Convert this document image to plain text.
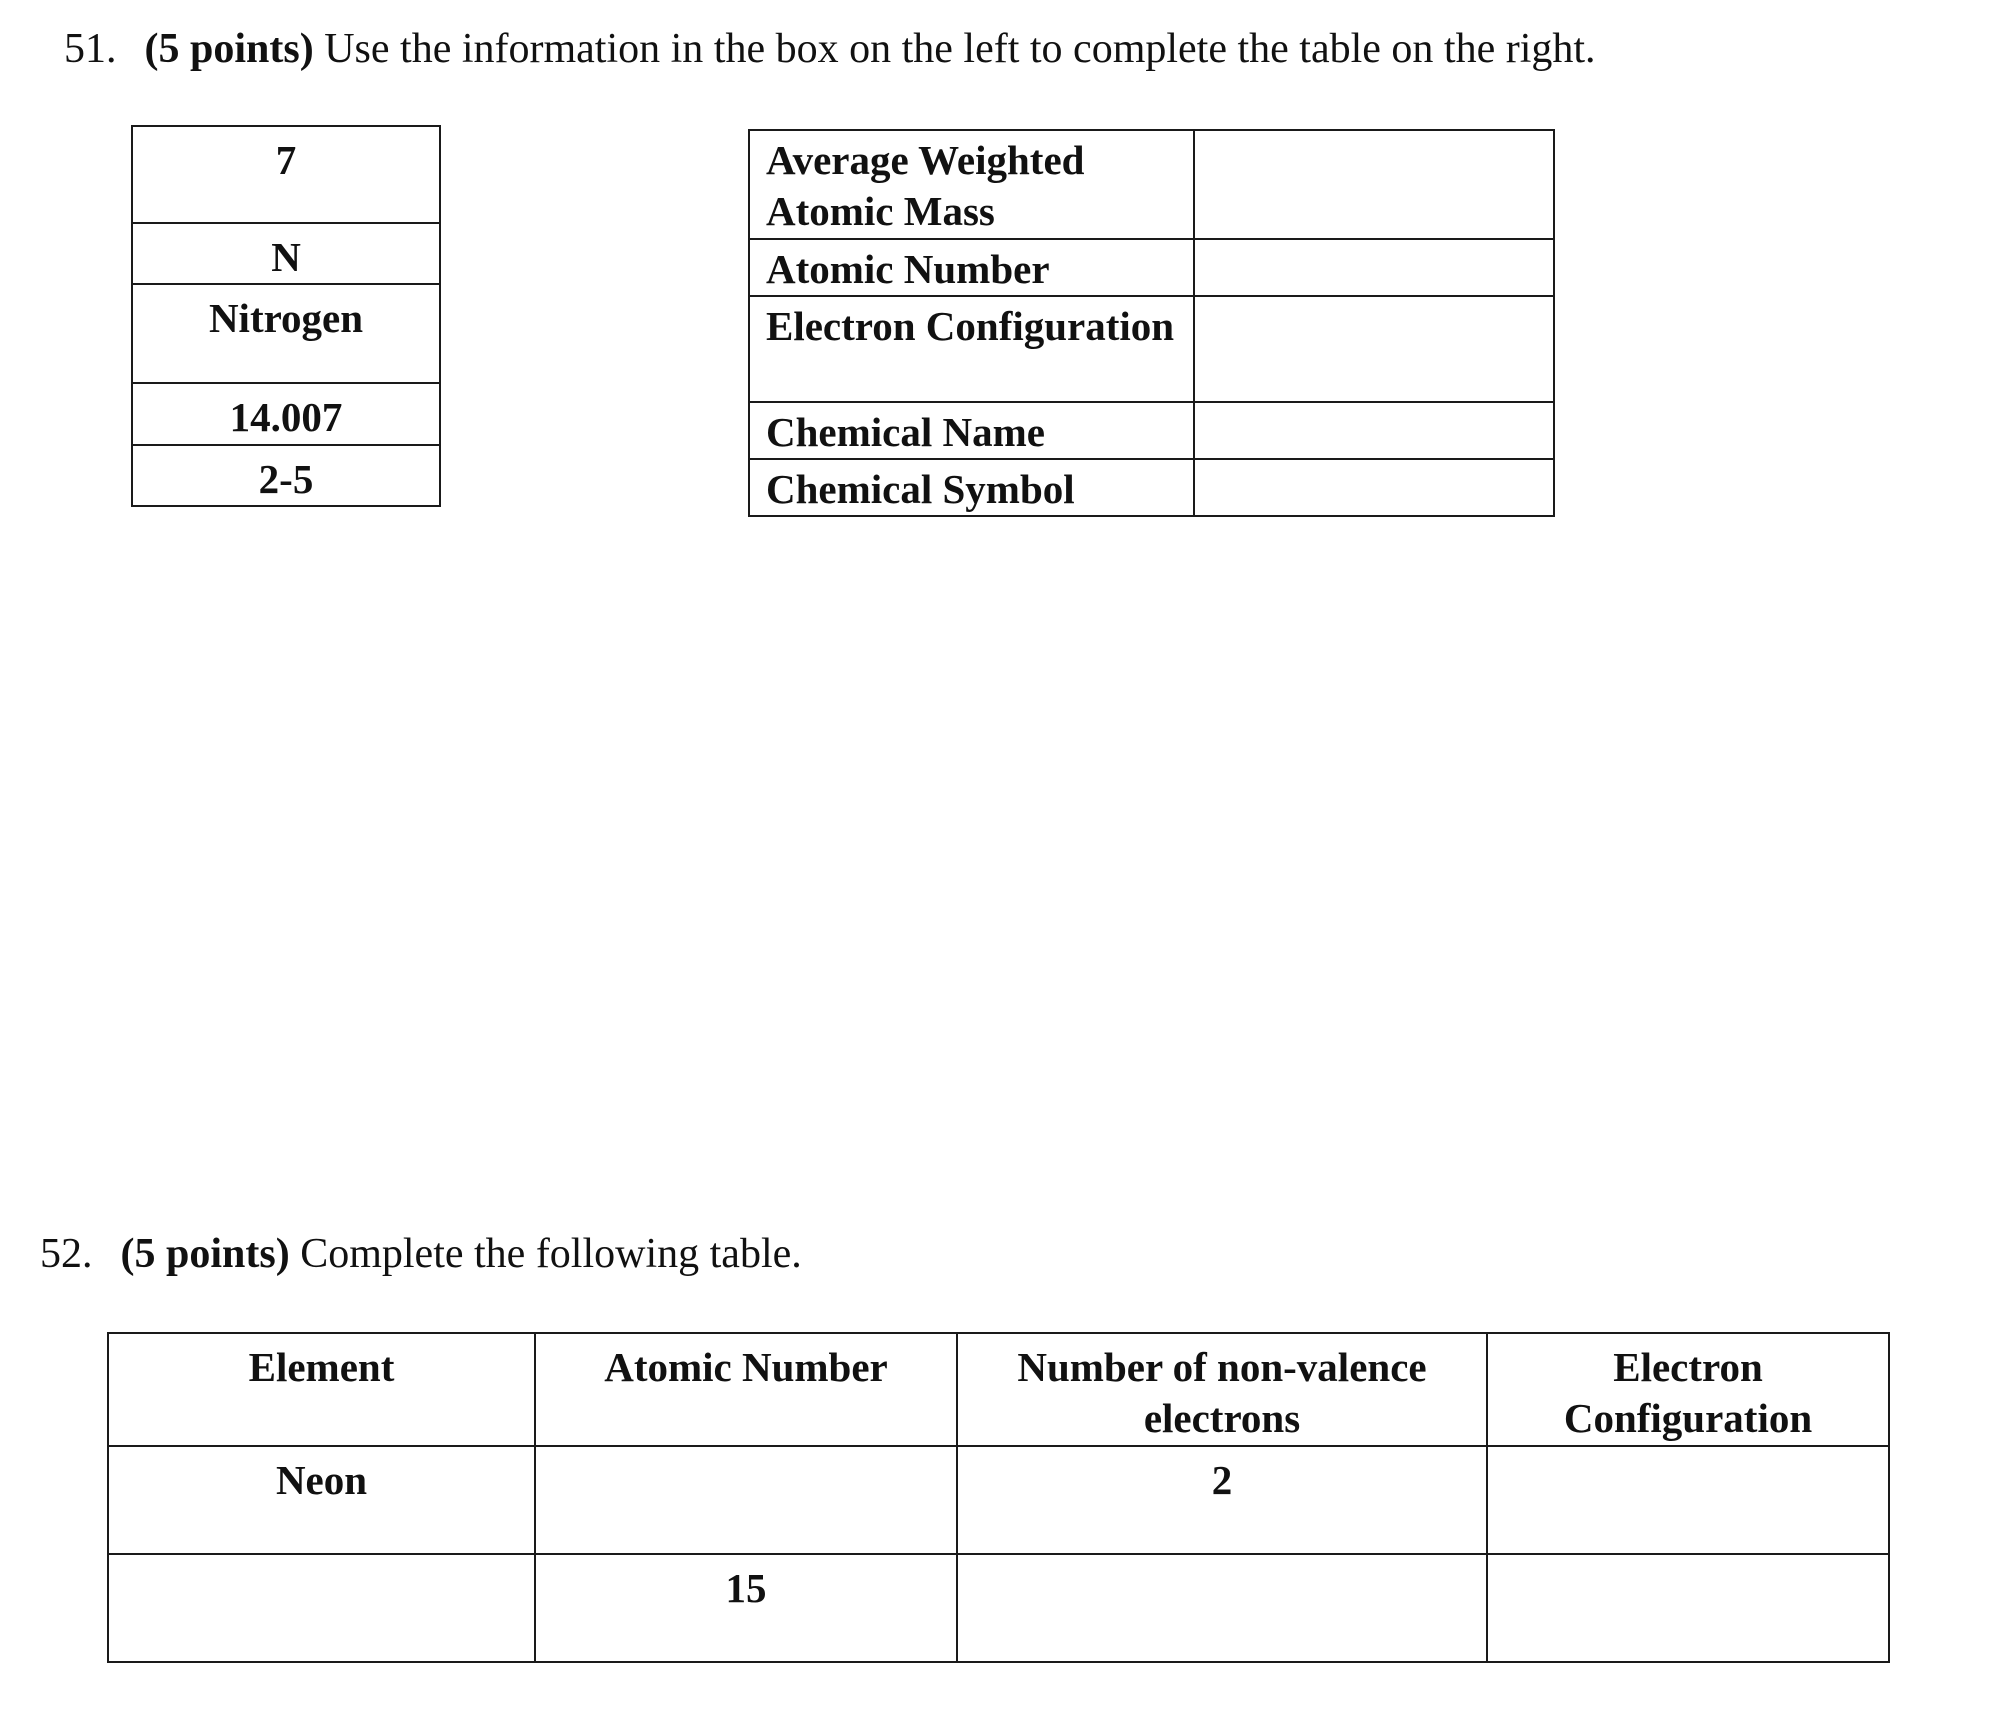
51. (5 points) Use the information in the box on the left to complete the table on the right.
7
N
Nitrogen
14.007
2-5
Average Weighted Atomic Mass	
Atomic Number	
Electron Configuration	
Chemical Name	
Chemical Symbol	
52. (5 points) Complete the following table.
Element	Atomic Number	Number of non-valence electrons	Electron Configuration
Neon		2	
	15		
